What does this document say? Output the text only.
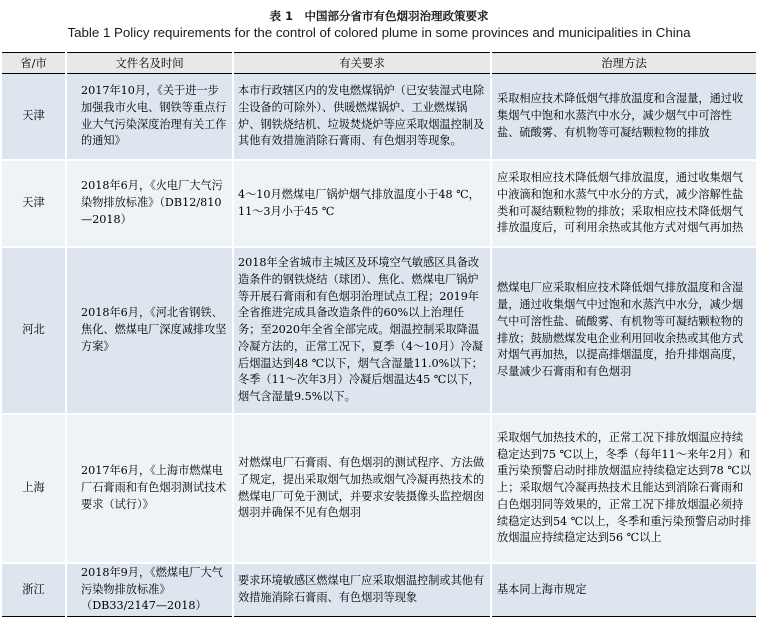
表 1　中国部分省市有色烟羽治理政策要求
Table 1 Policy requirements for the control of colored plume in some provinces and municipalities in China
省/市	文件名及时间	有关要求	治理方法
天津	2017年10月，《关于进一步加强我市火电、钢铁等重点行业大气污染深度治理有关工作的通知》	本市行政辖区内的发电燃煤锅炉（已安装湿式电除尘设备的可除外）、供暖燃煤锅炉、工业燃煤锅炉、钢铁烧结机、垃圾焚烧炉等应采取烟温控制及其他有效措施消除石膏雨、有色烟羽等现象。	采取相应技术降低烟气排放温度和含湿量，通过收集烟气中饱和水蒸汽中水分，减少烟气中可溶性盐、硫酸雾、有机物等可凝结颗粒物的排放
天津	2018年6月，《火电厂大气污染物排放标准》（DB12/810—2018）	4～10月燃煤电厂锅炉烟气排放温度小于48 ℃，11～3月小于45 ℃	应采取相应技术降低烟气排放温度，通过收集烟气中液滴和饱和水蒸气中水分的方式，减少溶解性盐类和可凝结颗粒物的排放；采取相应技术降低烟气排放温度后，可利用余热或其他方式对烟气再加热
河北	2018年6月，《河北省钢铁、焦化、燃煤电厂深度减排攻坚方案》	2018年全省城市主城区及环境空气敏感区具备改造条件的钢铁烧结（球团）、焦化、燃煤电厂锅炉等开展石膏雨和有色烟羽治理试点工程；2019年全省推进完成具备改造条件的60%以上治理任务；至2020年全省全部完成。烟温控制采取降温冷凝方法的，正常工况下，夏季（4～10月）冷凝后烟温达到48 ℃以下，烟气含湿量11.0%以下；冬季（11～次年3月）冷凝后烟温达45 ℃以下，烟气含湿量9.5%以下。	燃煤电厂应采取相应技术降低烟气排放温度和含湿量，通过收集烟气中过饱和水蒸汽中水分，减少烟气中可溶性盐、硫酸雾、有机物等可凝结颗粒物的排放；鼓励燃煤发电企业利用回收余热或其他方式对烟气再加热，以提高排烟温度，抬升排烟高度，尽量减少石膏雨和有色烟羽
上海	2017年6月，《上海市燃煤电厂石膏雨和有色烟羽测试技术要求（试行）》	对燃煤电厂石膏雨、有色烟羽的测试程序、方法做了规定，提出采取烟气加热或烟气冷凝再热技术的燃煤电厂可免于测试，并要求安装摄像头监控烟囱烟羽并确保不见有色烟羽	采取烟气加热技术的，正常工况下排放烟温应持续稳定达到75 ℃以上，冬季（每年11～来年2月）和重污染预警启动时排放烟温应持续稳定达到78 ℃以上；采取烟气冷凝再热技术且能达到消除石膏雨和白色烟羽同等效果的，正常工况下排放烟温必须持续稳定达到54 ℃以上，冬季和重污染预警启动时排放烟温应持续稳定达到56 ℃以上
浙江	2018年9月，《燃煤电厂大气污染物排放标准》（DB33/2147—2018）	要求环境敏感区燃煤电厂应采取烟温控制或其他有效措施消除石膏雨、有色烟羽等现象	基本同上海市规定
